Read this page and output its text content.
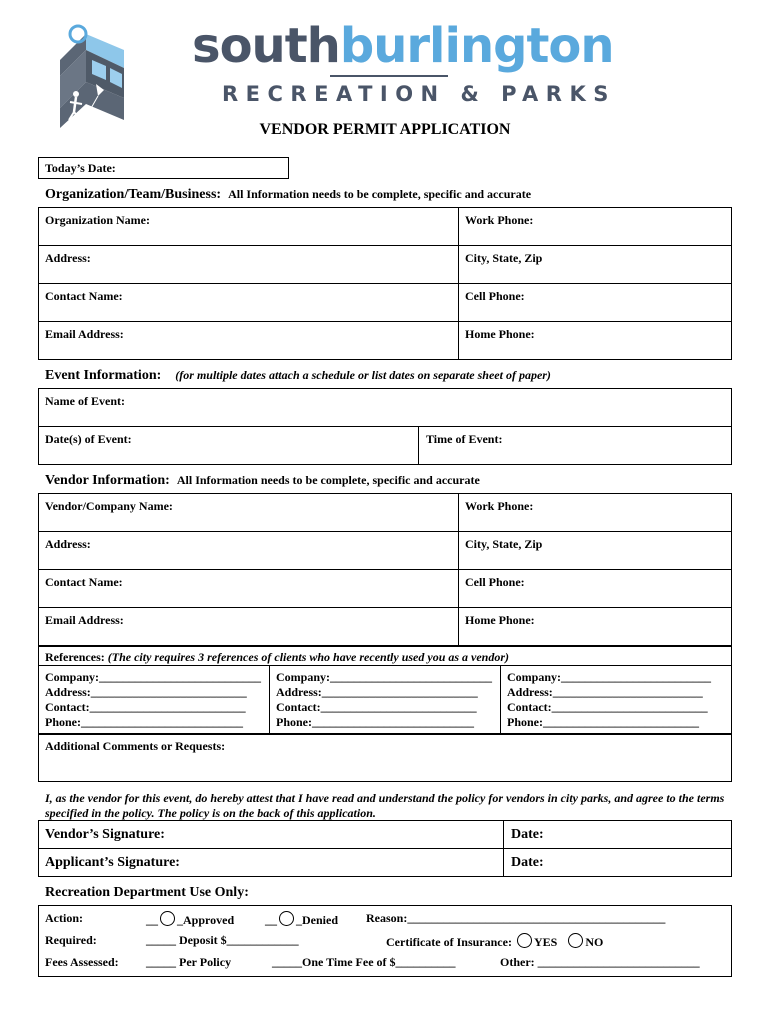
southburlington
RECREATION & PARKS
VENDOR PERMIT APPLICATION
Today’s Date:
Organization/Team/Business: All Information needs to be complete, specific and accurate
Organization Name:	Work Phone:
Address:	City, State, Zip
Contact Name:	Cell Phone:
Email Address:	Home Phone:
Event Information: (for multiple dates attach a schedule or list dates on separate sheet of paper)
Name of Event:
Date(s) of Event:	Time of Event:
Vendor Information: All Information needs to be complete, specific and accurate
Vendor/Company Name:	Work Phone:
Address:	City, State, Zip
Contact Name:	Cell Phone:
Email Address:	Home Phone:
References: (The city requires 3 references of clients who have recently used you as a vendor)
Company:___________________________
Address:__________________________
Contact:__________________________
Phone:___________________________
Company:___________________________
Address:__________________________
Contact:__________________________
Phone:___________________________
Company:_________________________
Address:_________________________
Contact:__________________________
Phone:__________________________
Additional Comments or Requests:
I, as the vendor for this event, do hereby attest that I have read and understand the policy for vendors in city parks, and agree to the terms specified in the policy. The policy is on the back of this application.
Vendor’s Signature:	Date:
Applicant’s Signature:	Date:
Recreation Department Use Only:
Action:	__ _Approved	__ _Denied Reason:___________________________________________
Required:	_____ Deposit $____________	Certificate of Insurance: YES NO
Fees Assessed: _____ Per Policy	_____One Time Fee of $__________	Other: ___________________________
